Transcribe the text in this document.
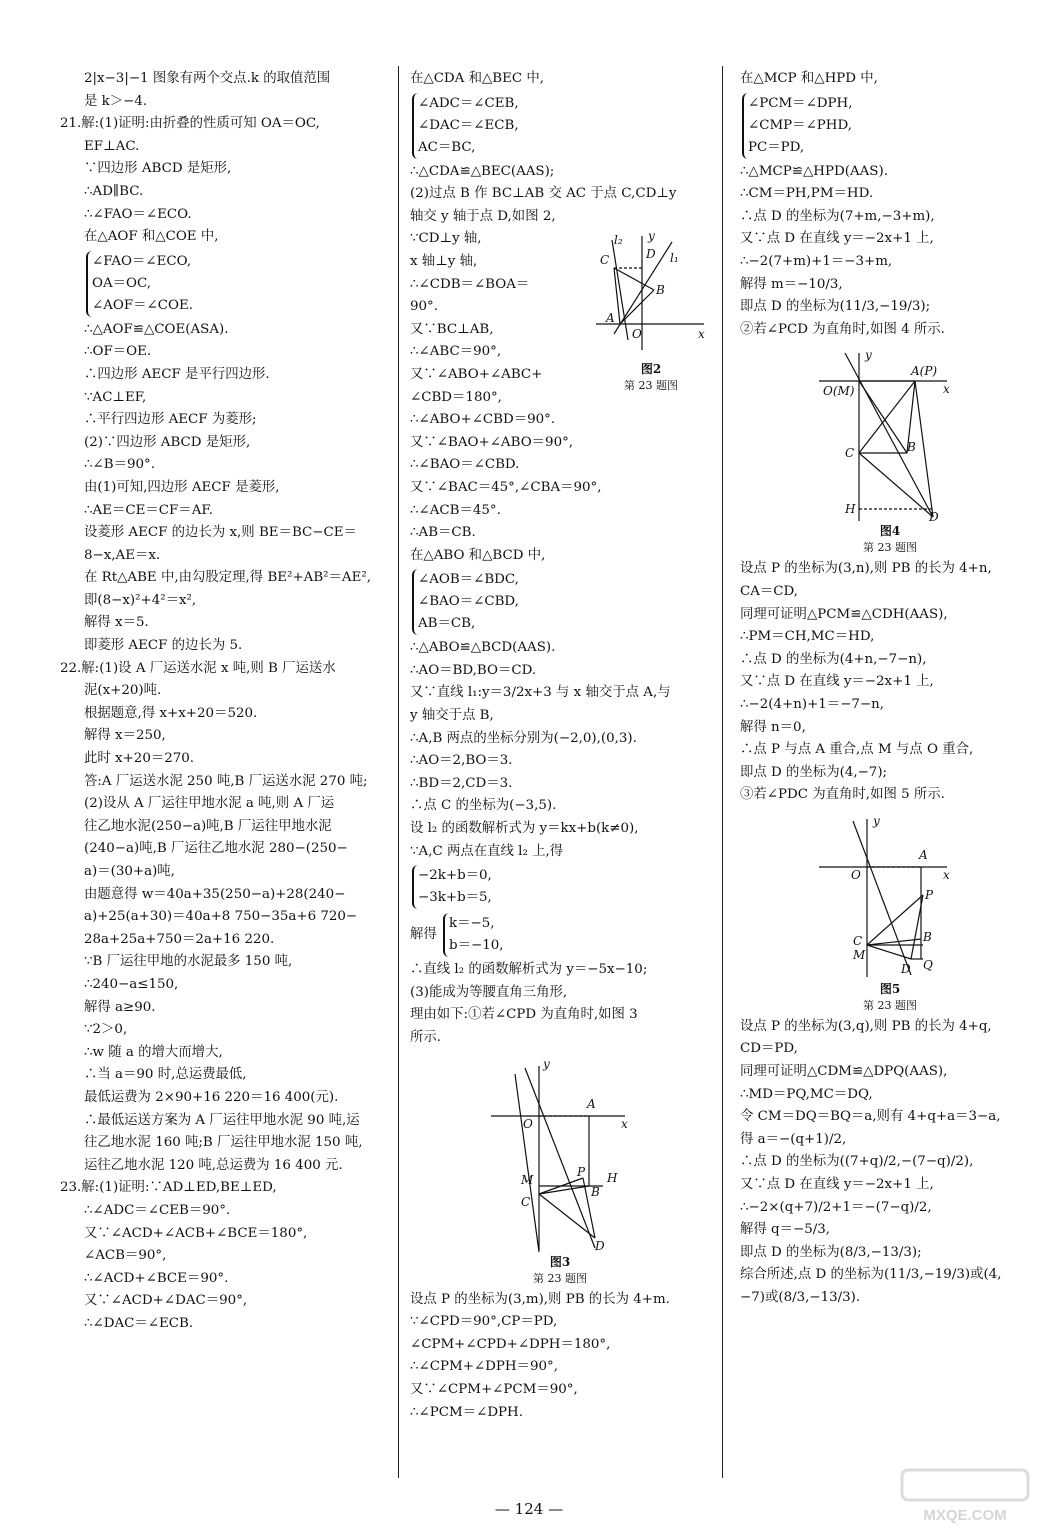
2|x−3|−1 图象有两个交点.k 的取值范围
是 k＞−4.
21.解:(1)证明:由折叠的性质可知 OA＝OC,
EF⊥AC.
∵四边形 ABCD 是矩形,
∴AD∥BC.
∴∠FAO＝∠ECO.
在△AOF 和△COE 中,
∠FAO＝∠ECO,
OA＝OC,
∠AOF＝∠COE.
∴△AOF≌△COE(ASA).
∴OF＝OE.
∴四边形 AECF 是平行四边形.
∵AC⊥EF,
∴平行四边形 AECF 为菱形;
(2)∵四边形 ABCD 是矩形,
∴∠B＝90°.
由(1)可知,四边形 AECF 是菱形,
∴AE＝CE＝CF＝AF.
设菱形 AECF 的边长为 x,则 BE＝BC−CE＝
8−x,AE＝x.
在 Rt△ABE 中,由勾股定理,得 BE²+AB²＝AE²,
即(8−x)²+4²＝x²,
解得 x＝5.
即菱形 AECF 的边长为 5.
22.解:(1)设 A 厂运送水泥 x 吨,则 B 厂运送水
泥(x+20)吨.
根据题意,得 x+x+20＝520.
解得 x＝250,
此时 x+20＝270.
答:A 厂运送水泥 250 吨,B 厂运送水泥 270 吨;
(2)设从 A 厂运往甲地水泥 a 吨,则 A 厂运
往乙地水泥(250−a)吨,B 厂运往甲地水泥
(240−a)吨,B 厂运往乙地水泥 280−(250−
a)＝(30+a)吨,
由题意得 w＝40a+35(250−a)+28(240−
a)+25(a+30)＝40a+8 750−35a+6 720−
28a+25a+750＝2a+16 220.
∵B 厂运往甲地的水泥最多 150 吨,
∴240−a≤150,
解得 a≥90.
∵2＞0,
∴w 随 a 的增大而增大,
∴当 a＝90 时,总运费最低,
最低运费为 2×90+16 220＝16 400(元).
∴最低运送方案为 A 厂运往甲地水泥 90 吨,运
往乙地水泥 160 吨;B 厂运往甲地水泥 150 吨,
运往乙地水泥 120 吨,总运费为 16 400 元.
23.解:(1)证明:∵AD⊥ED,BE⊥ED,
∴∠ADC＝∠CEB＝90°.
又∵∠ACD+∠ACB+∠BCE＝180°,
∠ACB＝90°,
∴∠ACD+∠BCE＝90°.
又∵∠ACD+∠DAC＝90°,
∴∠DAC＝∠ECB.
在△CDA 和△BEC 中,
∠ADC＝∠CEB,
∠DAC＝∠ECB,
AC＝BC,
∴△CDA≌△BEC(AAS);
(2)过点 B 作 BC⊥AB 交 AC 于点 C,CD⊥y
轴交 y 轴于点 D,如图 2,
l₂
C	D l₁
B
A
O	x
y
图2
第 23 题图
∵CD⊥y 轴,
x 轴⊥y 轴,
∴∠CDB＝∠BOA＝
90°.
又∵BC⊥AB,
∴∠ABC＝90°,
又∵∠ABO+∠ABC+
∠CBD＝180°,
∴∠ABO+∠CBD＝90°.
又∵∠BAO+∠ABO＝90°,
∴∠BAO＝∠CBD.
又∵∠BAC＝45°,∠CBA＝90°,
∴∠ACB＝45°.
∴AB＝CB.
在△ABO 和△BCD 中,
∠AOB＝∠BDC,
∠BAO＝∠CBD,
AB＝CB,
∴△ABO≌△BCD(AAS).
∴AO＝BD,BO＝CD.
又∵直线 l₁:y＝3/2x+3 与 x 轴交于点 A,与
y 轴交于点 B,
∴A,B 两点的坐标分别为(−2,0),(0,3).
∴AO＝2,BO＝3.
∴BD＝2,CD＝3.
∴点 C 的坐标为(−3,5).
设 l₂ 的函数解析式为 y＝kx+b(k≠0),
∵A,C 两点在直线 l₂ 上,得
−2k+b＝0,
−3k+b＝5,
解得
k＝−5,
b＝−10,
∴直线 l₂ 的函数解析式为 y＝−5x−10;
(3)能成为等腰直角三角形,
理由如下:①若∠CPD 为直角时,如图 3
所示.
y
A
O	x
M
P
B
H
C
D
图3
第 23 题图
设点 P 的坐标为(3,m),则 PB 的长为 4+m.
∵∠CPD＝90°,CP＝PD,
∠CPM+∠CPD+∠DPH＝180°,
∴∠CPM+∠DPH＝90°,
又∵∠CPM+∠PCM＝90°,
∴∠PCM＝∠DPH.
在△MCP 和△HPD 中,
∠PCM＝∠DPH,
∠CMP＝∠PHD,
PC＝PD,
∴△MCP≌△HPD(AAS).
∴CM＝PH,PM＝HD.
∴点 D 的坐标为(7+m,−3+m),
又∵点 D 在直线 y＝−2x+1 上,
∴−2(7+m)+1＝−3+m,
解得 m＝−10/3,
即点 D 的坐标为(11/3,−19/3);
②若∠PCD 为直角时,如图 4 所示.
y
A(P)
O(M)	x
C	B
H
D
图4
第 23 题图
设点 P 的坐标为(3,n),则 PB 的长为 4+n,
CA＝CD,
同理可证明△PCM≌△CDH(AAS),
∴PM＝CH,MC＝HD,
∴点 D 的坐标为(4+n,−7−n),
又∵点 D 在直线 y＝−2x+1 上,
∴−2(4+n)+1＝−7−n,
解得 n＝0,
∴点 P 与点 A 重合,点 M 与点 O 重合,
即点 D 的坐标为(4,−7);
③若∠PDC 为直角时,如图 5 所示.
y
A
O	x
P
B
C
M
D Q
图5
第 23 题图
设点 P 的坐标为(3,q),则 PB 的长为 4+q,
CD＝PD,
同理可证明△CDM≌△DPQ(AAS),
∴MD＝PQ,MC＝DQ,
令 CM＝DQ＝BQ＝a,则有 4+q+a＝3−a,
得 a＝−(q+1)/2,
∴点 D 的坐标为((7+q)/2,−(7−q)/2),
又∵点 D 在直线 y＝−2x+1 上,
∴−2×(q+7)/2+1＝−(7−q)/2,
解得 q＝−5/3,
即点 D 的坐标为(8/3,−13/3);
综合所述,点 D 的坐标为(11/3,−19/3)或(4,
−7)或(8/3,−13/3).
— 124 —	MXQE.COM
